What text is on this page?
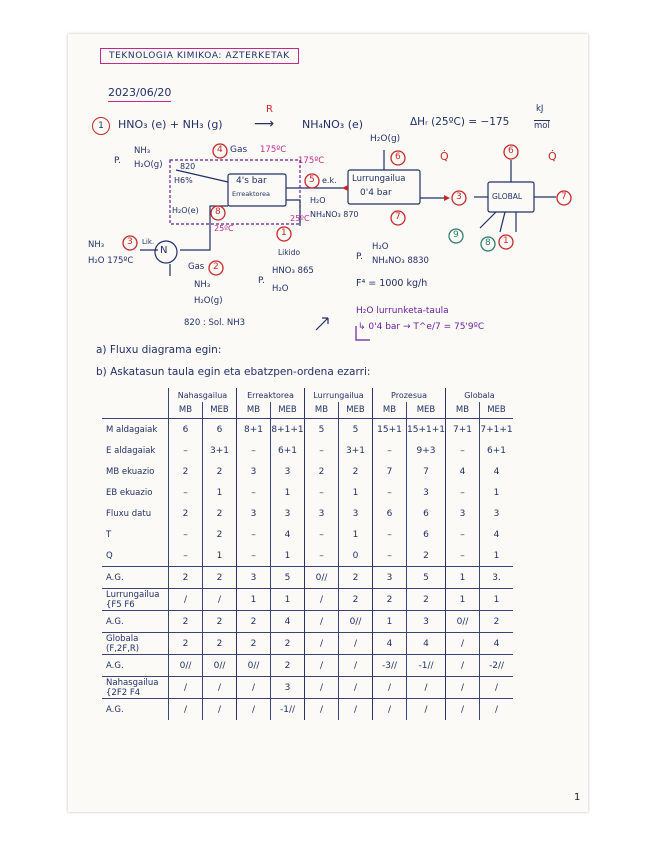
TEKNOLOGIA KIMIKOA: AZTERKETAK
2023/06/20
1	HNO₃ (e) + NH₃ (g)
R
⟶	NH₄NO₃ (e)	ΔHᵣ (25ºC) = −175
kJ
mol
4
5
6
7
8
1
2
3
3
6
7
1
9
8
Gas 175ºC
P.
NH₃
H₂O(g) 820
H6%
H₂O(e)
4's bar
Erreaktorea
175ºC
e.k.
H₂O
NH₄NO₃ 870
25ºC
25ºC
Lurrungailua
0'4 bar
H₂O(g)
Q̇	Q̇
P.
H₂O
NH₄NO₃ 8830
F⁴ = 1000 kg/h
N
NH₃
H₂O 175ºC
Lik.
Gas
NH₃
H₂O(g)
820 : Sol. NH3
Likido
P.
HNO₃ 865
H₂O
GLOBAL
H₂O lurrunketa-taula
↳ 0'4 bar → T^e/7 = 75'9ºC
a) Fluxu diagrama egin:
b) Askatasun taula egin eta ebatzpen-ordena ezarri:
	Nahasgailua		Erreaktorea		Lurrungailua		Prozesua		Globala	
	MB	MEB	MB	MEB	MB	MEB	MB	MEB	MB	MEB
M aldagaiak	6	6	8+1	8+1+1	5	5	15+1	15+1+1	7+1	7+1+1
E aldagaiak	–	3+1	–	6+1	–	3+1	–	9+3	–	6+1
MB ekuazio	2	2	3	3	2	2	7	7	4	4
EB ekuazio	–	1	–	1	–	1	–	3	–	1
Fluxu datu	2	2	3	3	3	3	6	6	3	3
T	–	2	–	4	–	1	–	6	–	4
Q	–	1	–	1	–	0	–	2	–	1
A.G.	2	2	3	5	0//	2	3	5	1	3.
Lurrungailua {F5 F6	/	/	1	1	/	2	2	2	1	1
A.G.	2	2	2	4	/	0//	1	3	0//	2
Globala (F,2F,R)	2	2	2	2	/	/	4	4	/	4
A.G.	0//	0//	0//	2	/	/	-3//	-1//	/	-2//
Nahasgailua {2F2 F4	/	/	/	3	/	/	/	/	/	/
A.G.	/	/	/	-1//	/	/	/	/	/	/
1
